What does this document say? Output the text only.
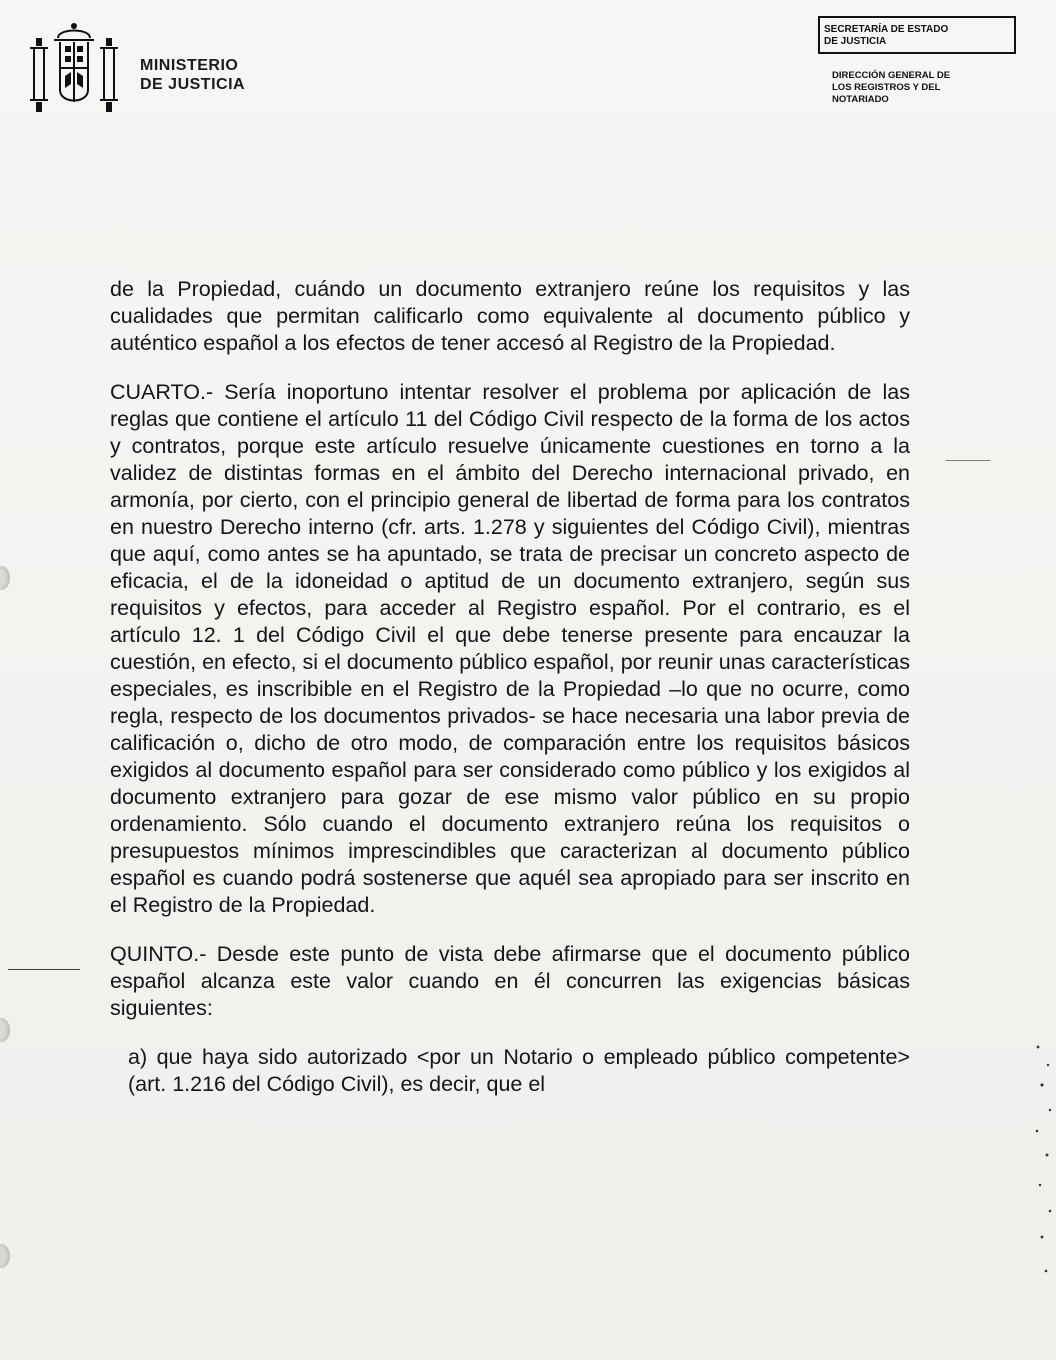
MINISTERIO
DE JUSTICIA
SECRETARÍA DE ESTADO
DE JUSTICIA
DIRECCIÓN GENERAL DE
LOS REGISTROS Y DEL
NOTARIADO

de la Propiedad, cuándo un documento extranjero reúne los requisitos y las cualidades que permitan calificarlo como equivalente al documento público y auténtico español a los efectos de tener accesó al Registro de la Propiedad.

CUARTO.- Sería inoportuno intentar resolver el problema por aplicación de las reglas que contiene el artículo 11 del Código Civil respecto de la forma de los actos y contratos, porque este artículo resuelve únicamente cuestiones en torno a la validez de distintas formas en el ámbito del Derecho internacional privado, en armonía, por cierto, con el principio general de libertad de forma para los contratos en nuestro Derecho interno (cfr. arts. 1.278 y siguientes del Código Civil), mientras que aquí, como antes se ha apuntado, se trata de precisar un concreto aspecto de eficacia, el de la idoneidad o aptitud de un documento extranjero, según sus requisitos y efectos, para acceder al Registro español. Por el contrario, es el artículo 12. 1 del Código Civil el que debe tenerse presente para encauzar la cuestión, en efecto, si el documento público español, por reunir unas características especiales, es inscribible en el Registro de la Propiedad –lo que no ocurre, como regla, respecto de los documentos privados- se hace necesaria una labor previa de calificación o, dicho de otro modo, de comparación entre los requisitos básicos exigidos al documento español para ser considerado como público y los exigidos al documento extranjero para gozar de ese mismo valor público en su propio ordenamiento. Sólo cuando el documento extranjero reúna los requisitos o presupuestos mínimos imprescindibles que caracterizan al documento público español es cuando podrá sostenerse que aquél sea apropiado para ser inscrito en el Registro de la Propiedad.

QUINTO.- Desde este punto de vista debe afirmarse que el documento público español alcanza este valor cuando en él concurren las exigencias básicas siguientes:

a) que haya sido autorizado <por un Notario o empleado público competente> (art. 1.216 del Código Civil), es decir, que el
